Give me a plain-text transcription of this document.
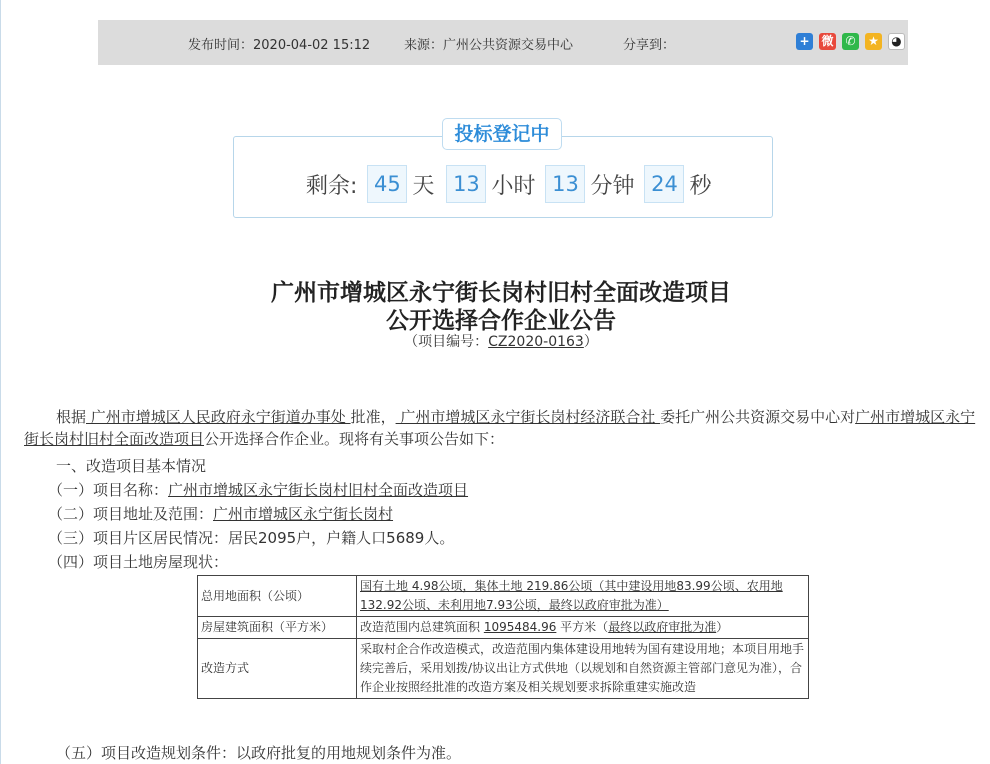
发布时间：2020-04-02 15:12	来源：广州公共资源交易中心	分享到：	+ 微 ✆ ★ ◕
投标登记中
剩余: 45 天 13 小时 13 分钟 24 秒
广州市增城区永宁街长岗村旧村全面改造项目
公开选择合作企业公告
（项目编号：CZ2020-0163）
根据 广州市增城区人民政府永宁街道办事处 批准， 广州市增城区永宁街长岗村经济联合社 委托广州公共资源交易中心对广州市增城区永宁街长岗村旧村全面改造项目公开选择合作企业。现将有关事项公告如下：
一、改造项目基本情况
（一）项目名称：广州市增城区永宁街长岗村旧村全面改造项目
（二）项目地址及范围：广州市增城区永宁街长岗村
（三）项目片区居民情况：居民2095户，户籍人口5689人。
（四）项目土地房屋现状：
总用地面积（公顷）	国有土地 4.98公顷，集体土地 219.86公顷（其中建设用地83.99公顷、农用地132.92公顷、未利用地7.93公顷，最终以政府审批为准）
房屋建筑面积（平方米）	改造范围内总建筑面积 1095484.96 平方米（最终以政府审批为准）
改造方式	采取村企合作改造模式，改造范围内集体建设用地转为国有建设用地；本项目用地手续完善后，采用划拨/协议出让方式供地（以规划和自然资源主管部门意见为准），合作企业按照经批准的改造方案及相关规划要求拆除重建实施改造
（五）项目改造规划条件：以政府批复的用地规划条件为准。
